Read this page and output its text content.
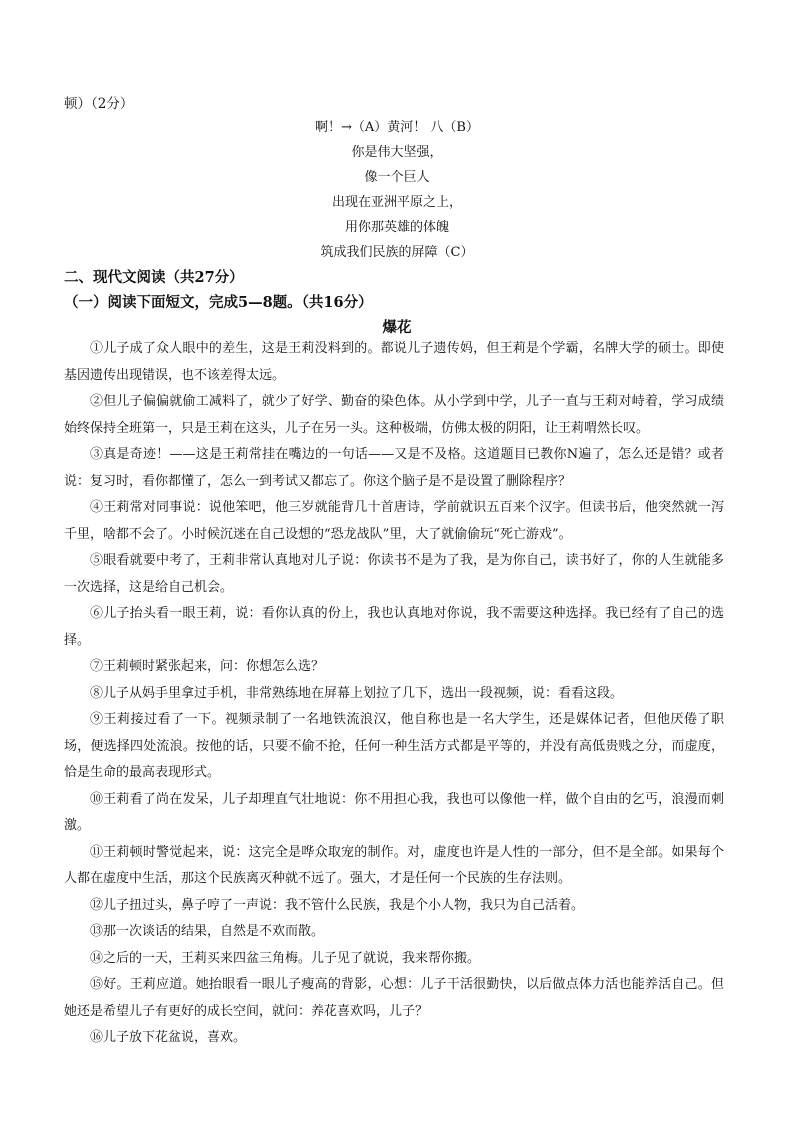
顿）（2分）
啊！→（A）黄河！ 八（B）
你是伟大坚强，
像一个巨人
出现在亚洲平原之上，
用你那英雄的体魄
筑成我们民族的屏障（C）
二、现代文阅读（共27分）
（一）阅读下面短文，完成5—8题。（共16分）
爆花

①儿子成了众人眼中的差生，这是王莉没料到的。都说儿子遗传妈，但王莉是个学霸，名牌大学的硕士。即使基因遗传出现错误，也不该差得太远。

②但儿子偏偏就偷工减料了，就少了好学、勤奋的染色体。从小学到中学，儿子一直与王莉对峙着，学习成绩始终保持全班第一，只是王莉在这头，儿子在另一头。这种极端，仿佛太极的阴阳，让王莉喟然长叹。

③真是奇迹！——这是王莉常挂在嘴边的一句话——又是不及格。这道题目已教你N遍了，怎么还是错？或者说：复习时，看你都懂了，怎么一到考试又都忘了。你这个脑子是不是设置了删除程序？

④王莉常对同事说：说他笨吧，他三岁就能背几十首唐诗，学前就识五百来个汉字。但读书后，他突然就一泻千里，啥都不会了。小时候沉迷在自己设想的“恐龙战队”里，大了就偷偷玩“死亡游戏”。

⑤眼看就要中考了，王莉非常认真地对儿子说：你读书不是为了我，是为你自己，读书好了，你的人生就能多一次选择，这是给自己机会。

⑥儿子抬头看一眼王莉，说：看你认真的份上，我也认真地对你说，我不需要这种选择。我已经有了自己的选择。

⑦王莉顿时紧张起来，问：你想怎么选？

⑧儿子从妈手里拿过手机，非常熟练地在屏幕上划拉了几下，选出一段视频，说：看看这段。

⑨王莉接过看了一下。视频录制了一名地铁流浪汉，他自称也是一名大学生，还是媒体记者，但他厌倦了职场，便选择四处流浪。按他的话，只要不偷不抢，任何一种生活方式都是平等的，并没有高低贵贱之分，而虚度，恰是生命的最高表现形式。

⑩王莉看了尚在发呆，儿子却理直气壮地说：你不用担心我，我也可以像他一样，做个自由的乞丐，浪漫而刺激。

⑪王莉顿时警觉起来，说：这完全是哗众取宠的制作。对，虚度也许是人性的一部分，但不是全部。如果每个人都在虚度中生活，那这个民族离灭种就不远了。强大，才是任何一个民族的生存法则。

⑫儿子扭过头，鼻子哼了一声说：我不管什么民族，我是个小人物，我只为自己活着。

⑬那一次谈话的结果，自然是不欢而散。

⑭之后的一天，王莉买来四盆三角梅。儿子见了就说，我来帮你搬。

⑮好。王莉应道。她抬眼看一眼儿子瘦高的背影，心想：儿子干活很勤快，以后做点体力活也能养活自己。但她还是希望儿子有更好的成长空间，就问：养花喜欢吗，儿子？

⑯儿子放下花盆说，喜欢。
